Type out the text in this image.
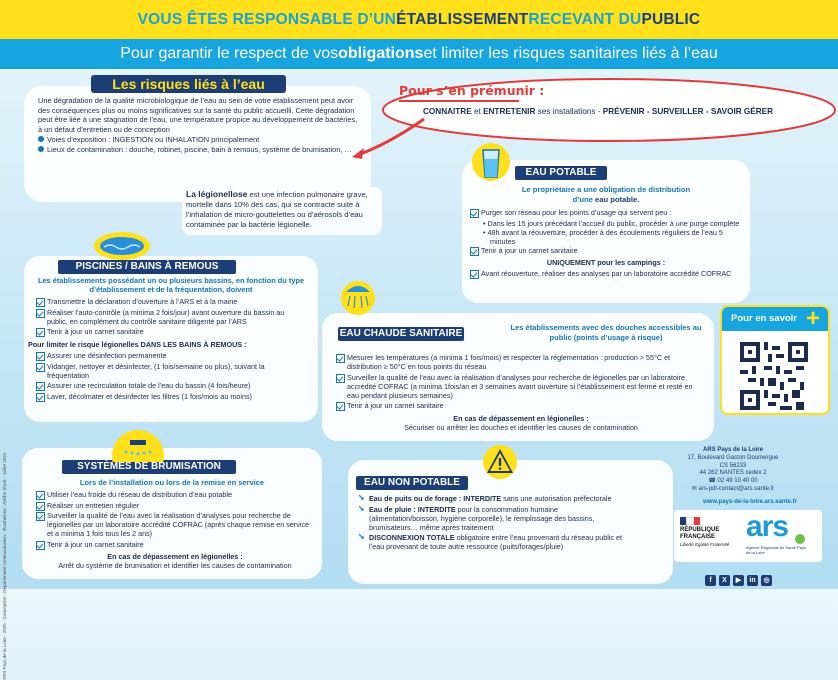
VOUS ÊTES RESPONSABLE D’UN ÉTABLISSEMENT RECEVANT DU PUBLIC
Pour garantir le respect de vos obligations et limiter les risques sanitaires liés à l’eau
ARS Pays de la Loire - 2025 - Conception : Département communication - Illustrations : Adobe Stock - Juillet 2024
Une dégradation de la qualité microbiologique de l’eau au sein de votre établissement peut avoir des conséquences plus ou moins significatives sur la santé du public accueilli. Cette dégradation peut être liée à une stagnation de l’eau, une température propice au développement de bactéries, à un défaut d’entretien ou de conception
Voies d’exposition : INGESTION ou INHALATION principalement
Lieux de contamination : douche, robinet, piscine, bain à remous, système de brumisation, …
Les risques liés à l’eau
La légionellose est une infection pulmonaire grave, mortelle dans 10% des cas, qui se contracte suite à l’inhalation de micro-gouttelettes ou d’aérosols d’eau contaminée par la bactérie légionelle.
Pour s’en prémunir :
CONNAITRE et ENTRETENIR ses installations - PRÉVENIR - SURVEILLER - SAVOIR GÉRER
Le propriétaire a une obligation de distribution
d’une eau potable.
Purger son réseau pour les points d’usage qui servent peu :
• Dans les 15 jours précédant l’accueil du public, procéder à une purge complète
• 48h avant la réouverture, procéder à des écoulements réguliers de l’eau 5 minutes
Tenir à jour un carnet sanitaire
UNIQUEMENT pour les campings :
Avant réouverture, réaliser des analyses par un laboratoire accrédité COFRAC
EAU POTABLE
Les établissements possédant un ou plusieurs bassins, en fonction du type d’établissement et de la fréquentation, doivent
Transmettre la déclaration d’ouverture à l’ARS et à la mairie
Réaliser l’auto-contrôle (a minima 2 fois/jour) avant ouverture du bassin au public, en complément du contrôle sanitaire diligenté par l’ARS
Tenir à jour un carnet sanitaire
Pour limiter le risque légionelles DANS LES BAINS À REMOUS :
Assurer une désinfection permanente
Vidanger, nettoyer et désinfecter, (1 fois/semaine ou plus), suivant la fréquentation
Assurer une recirculation totale de l’eau du bassin (4 fois/heure)
Laver, décolmater et désinfecter les filtres (1 fois/mois au moins)
PISCINES / BAINS À REMOUS
Les établissements avec des douches accessibles au public (points d’usage à risque)
Mesurer les températures (a minima 1 fois/mois) et respecter la réglementation : production > 55°C et distribution ≥ 50°C en tous points du réseau
Surveiller la qualité de l’eau avec la réalisation d’analyses pour recherche de légionelles par un laboratoire accrédité COFRAC (a minima 1fois/an et 3 semaines avant ouverture si l’établissement est fermé et resté en eau pendant plusieurs semaines)
Tenir à jour un carnet sanitaire
En cas de dépassement en légionelles :
Sécuriser ou arrêter les douches et identifier les causes de contamination
EAU CHAUDE SANITAIRE
Pour en savoir +
Lors de l’installation ou lors de la remise en service
Utiliser l’eau froide du réseau de distribution d’eau potable
Réaliser un entretien régulier
Surveiller la qualité de l’eau avec la réalisation d’analyses pour recherche de légionelles par un laboratoire accrédité COFRAC (après chaque remise en service et a minima 1 fois tous les 2 ans)
Tenir à jour un carnet sanitaire
En cas de dépassement en légionelles :
Arrêt du système de brumisation et identifier les causes de contamination
SYSTÈMES DE BRUMISATION
➘ Eau de puits ou de forage : INTERDITE sans une autorisation préfectorale
➘ Eau de pluie : INTERDITE pour la consommation humaine (alimentation/boisson, hygiène corporelle), le remplissage des bassins, brumisateurs… même après traitement
➘ DISCONNEXION TOTALE obligatoire entre l’eau provenant du réseau public et l’eau provenant de toute autre ressource (puits/forages/pluie)
EAU NON POTABLE
ARS Pays de la Loire
17, Boulevard Gaston Doumergue
CS 56233
44 262 NANTES cedex 2
☎ 02 49 10 40 00
✉ ars-pdl-contact@ars.sante.fr
www.pays-de-la-loire.ars.sante.fr
RÉPUBLIQUE
FRANÇAISE
Liberté Égalité Fraternité
ars
Agence Régionale de Santé Pays de la Loire
f X ▶ in ◎
